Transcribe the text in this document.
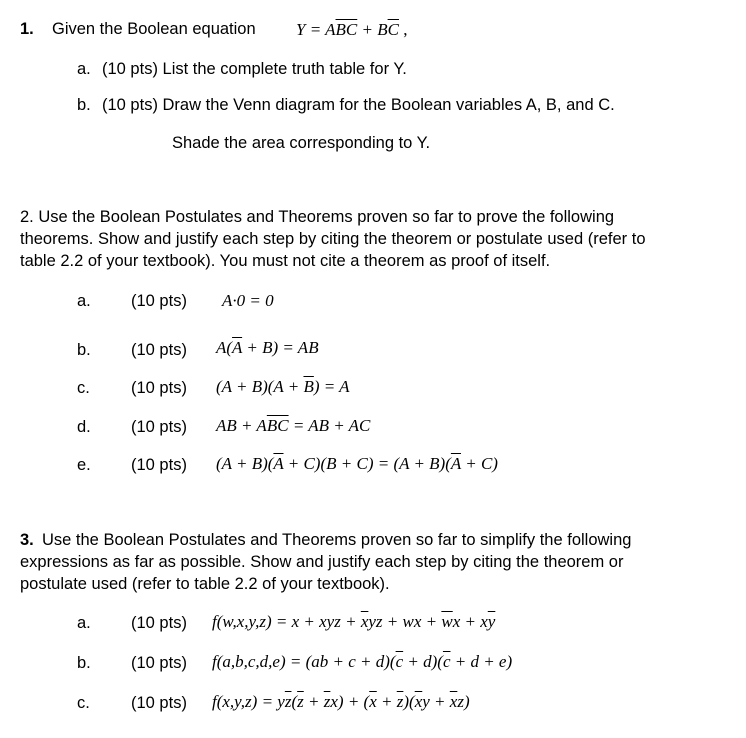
1. Given the Boolean equation $Y = A\overline{BC} + B\overline{C}$ ,
a. (10 pts) List the complete truth table for Y.
b. (10 pts) Draw the Venn diagram for the Boolean variables A, B, and C.
Shade the area corresponding to Y.
2. Use the Boolean Postulates and Theorems proven so far to prove the following
theorems. Show and justify each step by citing the theorem or postulate used (refer to
table 2.2 of your textbook). You must not cite a theorem as proof of itself.
a. (10 pts) A·0 = 0
b. (10 pts) $A(\overline{A} + B)$ = AB
c. (10 pts) $(A + B)(A + \overline{B}) = A$
d. (10 pts) AB + $A\overline{BC}$ = AB + AC
e. (10 pts) $(A + B)(\overline{A} + C)(B + C) = (A + B)(\overline{A} + C)$
3. Use the Boolean Postulates and Theorems proven so far to simplify the following
expressions as far as possible. Show and justify each step by citing the theorem or
postulate used (refer to table 2.2 of your textbook).
a. (10 pts) f(w,x,y,z) = x + xyz + $\overline{x}yz$ + wx + $\overline{w}x + x\overline{y}$
b. (10 pts) $f(a,b,c,d,e) = (ab + c + d)(\overline{c} + d)(\overline{c} + d + e)$
c. (10 pts) $f(x,y,z) = y\overline{z}(\overline{z} + \overline{z}x) + (\overline{x} + \overline{z})(\overline{x}y + \overline{x}z)$
